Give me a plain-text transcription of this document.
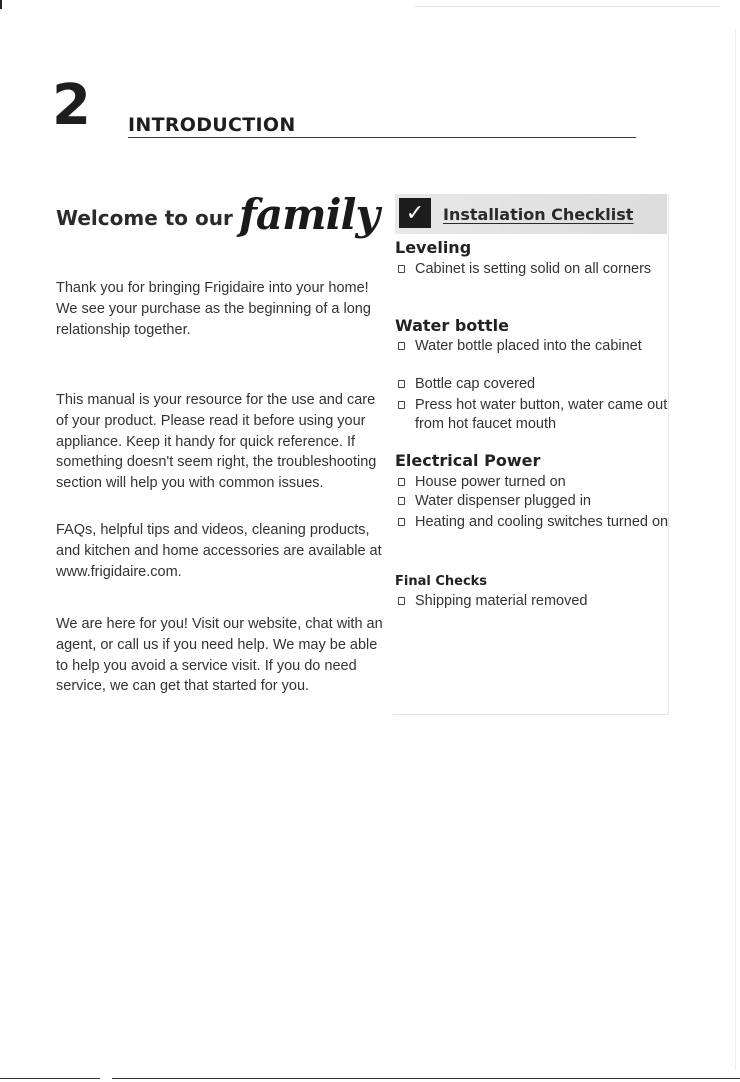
2 INTRODUCTION
Welcome to our family
Thank you for bringing Frigidaire into your home! We see your purchase as the beginning of a long relationship together.
This manual is your resource for the use and care of your product. Please read it before using your appliance. Keep it handy for quick reference. If something doesn't seem right, the troubleshooting section will help you with common issues.
FAQs, helpful tips and videos, cleaning products, and kitchen and home accessories are available at www.frigidaire.com.
We are here for you! Visit our website, chat with an agent, or call us if you need help. We may be able to help you avoid a service visit. If you do need service, we can get that started for you.
✓	Installation Checklist
Leveling
Cabinet is setting solid on all corners
Water bottle
Water bottle placed into the cabinet
Bottle cap covered
Press hot water button, water came out from hot faucet mouth
Electrical Power
House power turned on
Water dispenser plugged in
Heating and cooling switches turned on
Final Checks
Shipping material removed
